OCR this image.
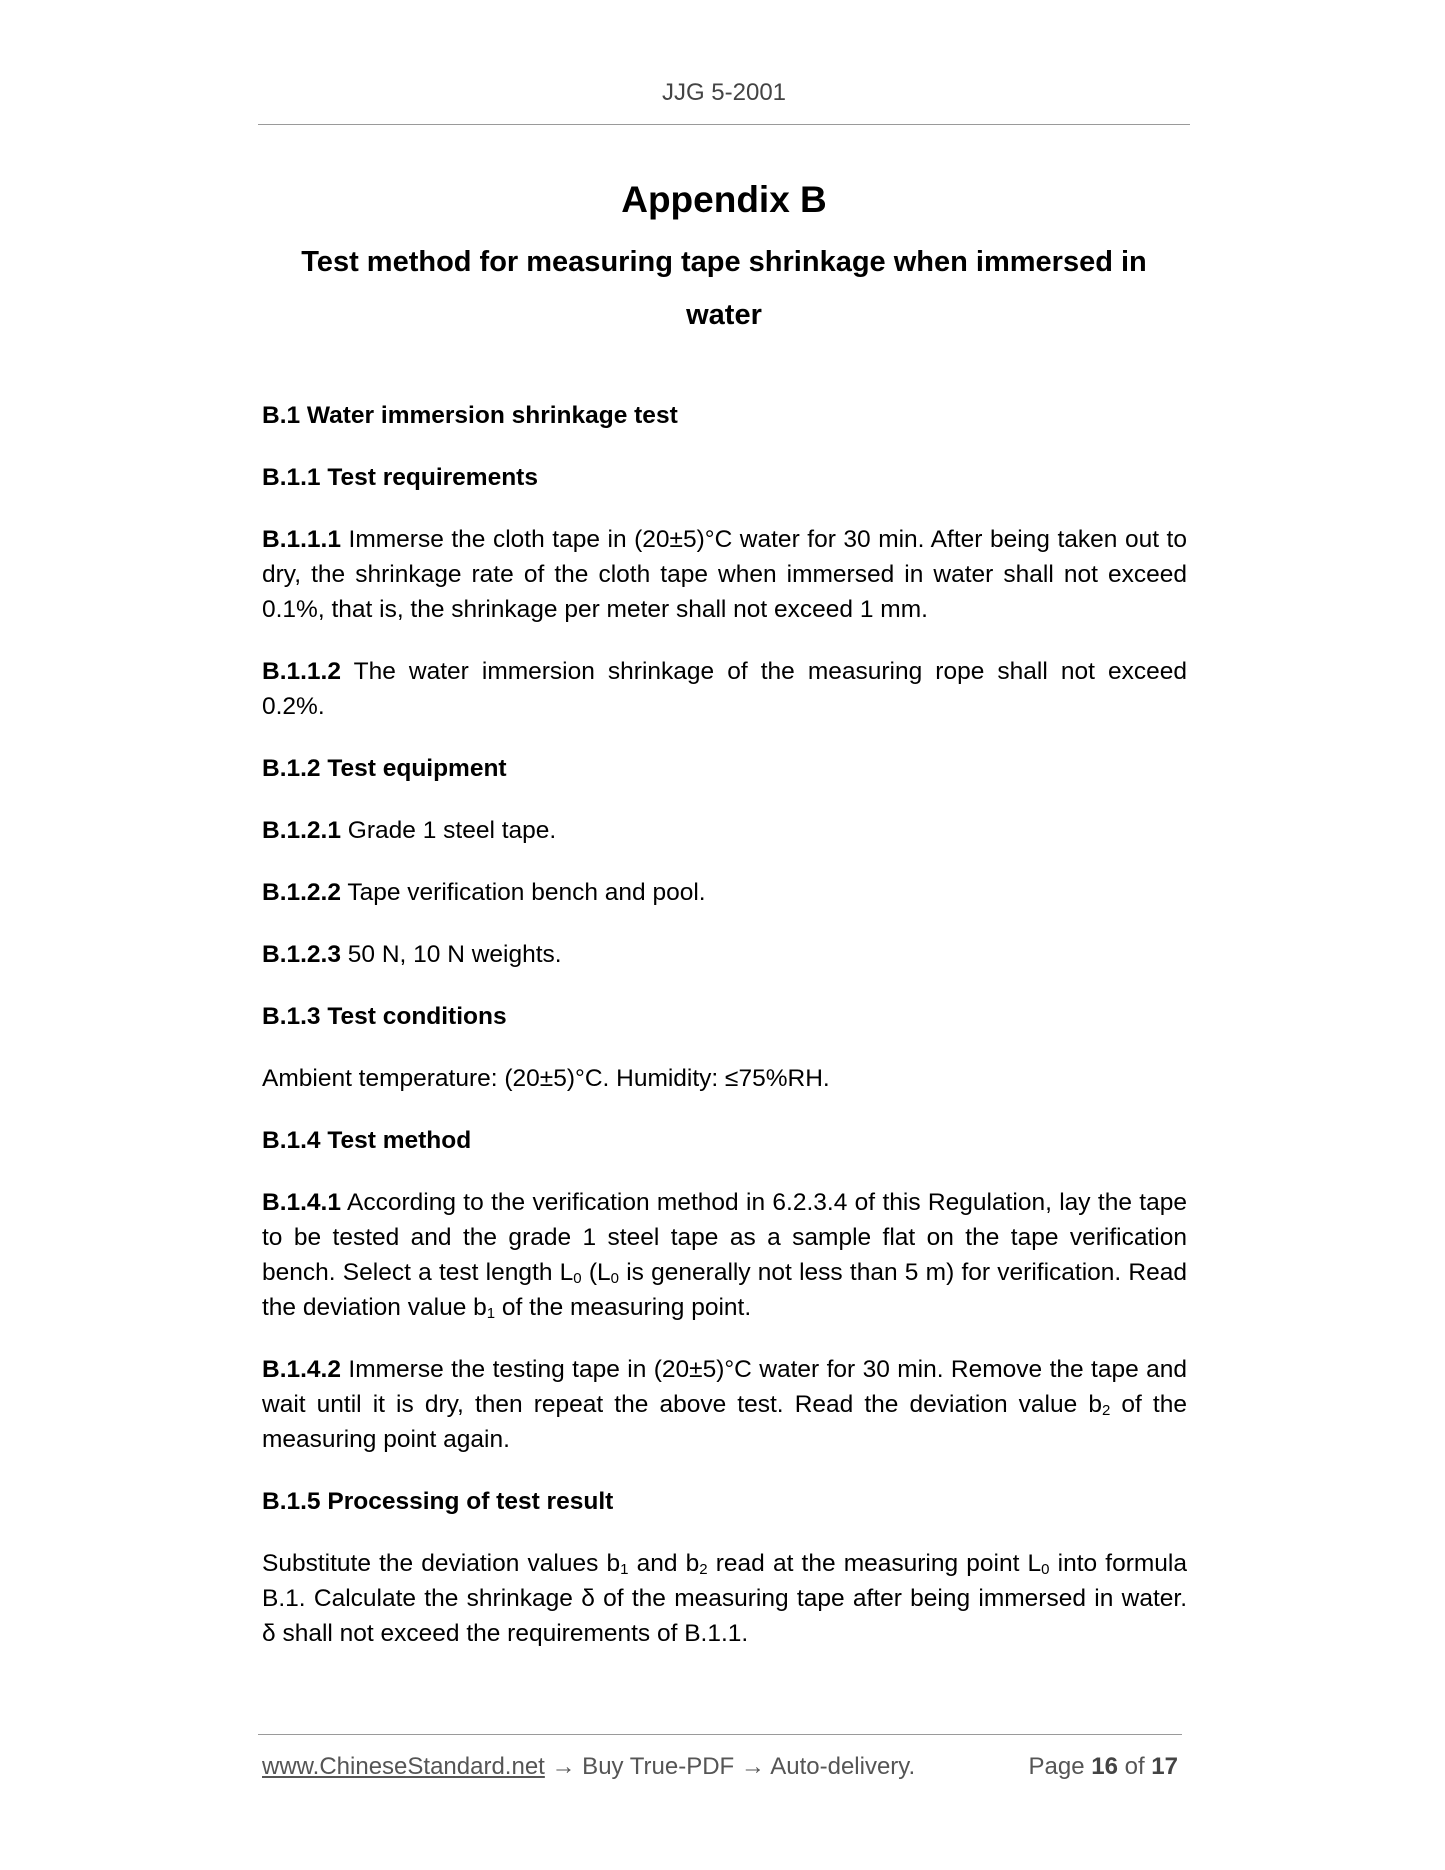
JJG 5-2001
Appendix B
Test method for measuring tape shrinkage when immersed in water

B.1 Water immersion shrinkage test

B.1.1 Test requirements

B.1.1.1 Immerse the cloth tape in (20±5)°C water for 30 min. After being taken out to dry, the shrinkage rate of the cloth tape when immersed in water shall not exceed 0.1%, that is, the shrinkage per meter shall not exceed 1 mm.

B.1.1.2 The water immersion shrinkage of the measuring rope shall not exceed 0.2%.

B.1.2 Test equipment

B.1.2.1 Grade 1 steel tape.

B.1.2.2 Tape verification bench and pool.

B.1.2.3 50 N, 10 N weights.

B.1.3 Test conditions

Ambient temperature: (20±5)°C. Humidity: ≤75%RH.

B.1.4 Test method

B.1.4.1 According to the verification method in 6.2.3.4 of this Regulation, lay the tape to be tested and the grade 1 steel tape as a sample flat on the tape verification bench. Select a test length $L_0$ ($L_0$ is generally not less than 5 m) for verification. Read the deviation value $b_1$ of the measuring point.

B.1.4.2 Immerse the testing tape in (20±5)°C water for 30 min. Remove the tape and wait until it is dry, then repeat the above test. Read the deviation value $b_2$ of the measuring point again.

B.1.5 Processing of test result

Substitute the deviation values $b_1$ and $b_2$ read at the measuring point $L_0$ into formula B.1. Calculate the shrinkage δ of the measuring tape after being immersed in water. δ shall not exceed the requirements of B.1.1.

www.ChineseStandard.net → Buy True-PDF → Auto-delivery.	Page 16 of 17
